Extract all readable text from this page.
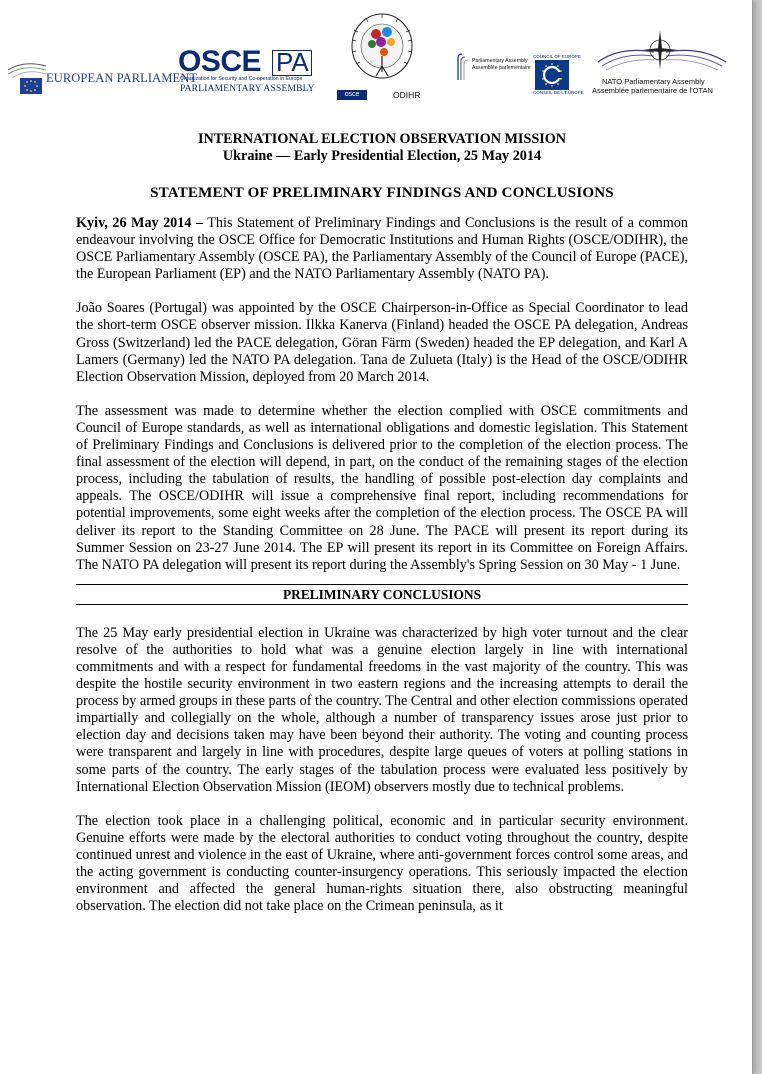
EUROPEAN PARLIAMENT
OSCE PA
Organization for Security and Co-operation in Europe
PARLIAMENTARY ASSEMBLY
osce	ODIHR
Parliamentary Assembly
Assemblée parlementaire
COUNCIL OF EUROPE
CONSEIL DE L'EUROPE
NATO Parliamentary Assembly
Assemblée parlementaire de l'OTAN

INTERNATIONAL ELECTION OBSERVATION MISSION

Ukraine — Early Presidential Election, 25 May 2014

STATEMENT OF PRELIMINARY FINDINGS AND CONCLUSIONS

Kyiv, 26 May 2014 – This Statement of Preliminary Findings and Conclusions is the result of a common endeavour involving the OSCE Office for Democratic Institutions and Human Rights (OSCE/ODIHR), the OSCE Parliamentary Assembly (OSCE PA), the Parliamentary Assembly of the Council of Europe (PACE), the European Parliament (EP) and the NATO Parliamentary Assembly (NATO PA).

João Soares (Portugal) was appointed by the OSCE Chairperson-in-Office as Special Coordinator to lead the short-term OSCE observer mission. Ilkka Kanerva (Finland) headed the OSCE PA delegation, Andreas Gross (Switzerland) led the PACE delegation, Göran Färm (Sweden) headed the EP delegation, and Karl A Lamers (Germany) led the NATO PA delegation. Tana de Zulueta (Italy) is the Head of the OSCE/ODIHR Election Observation Mission, deployed from 20 March 2014.

The assessment was made to determine whether the election complied with OSCE commitments and Council of Europe standards, as well as international obligations and domestic legislation. This Statement of Preliminary Findings and Conclusions is delivered prior to the completion of the election process. The final assessment of the election will depend, in part, on the conduct of the remaining stages of the election process, including the tabulation of results, the handling of possible post-election day complaints and appeals. The OSCE/ODIHR will issue a comprehensive final report, including recommendations for potential improvements, some eight weeks after the completion of the election process. The OSCE PA will deliver its report to the Standing Committee on 28 June. The PACE will present its report during its Summer Session on 23-27 June 2014. The EP will present its report in its Committee on Foreign Affairs. The NATO PA delegation will present its report during the Assembly's Spring Session on 30 May - 1 June.

PRELIMINARY CONCLUSIONS

The 25 May early presidential election in Ukraine was characterized by high voter turnout and the clear resolve of the authorities to hold what was a genuine election largely in line with international commitments and with a respect for fundamental freedoms in the vast majority of the country. This was despite the hostile security environment in two eastern regions and the increasing attempts to derail the process by armed groups in these parts of the country. The Central and other election commissions operated impartially and collegially on the whole, although a number of transparency issues arose just prior to election day and decisions taken may have been beyond their authority. The voting and counting process were transparent and largely in line with procedures, despite large queues of voters at polling stations in some parts of the country. The early stages of the tabulation process were evaluated less positively by International Election Observation Mission (IEOM) observers mostly due to technical problems.

The election took place in a challenging political, economic and in particular security environment. Genuine efforts were made by the electoral authorities to conduct voting throughout the country, despite continued unrest and violence in the east of Ukraine, where anti-government forces control some areas, and the acting government is conducting counter-insurgency operations. This seriously impacted the election environment and affected the general human-rights situation there, also obstructing meaningful observation. The election did not take place on the Crimean peninsula, as it
